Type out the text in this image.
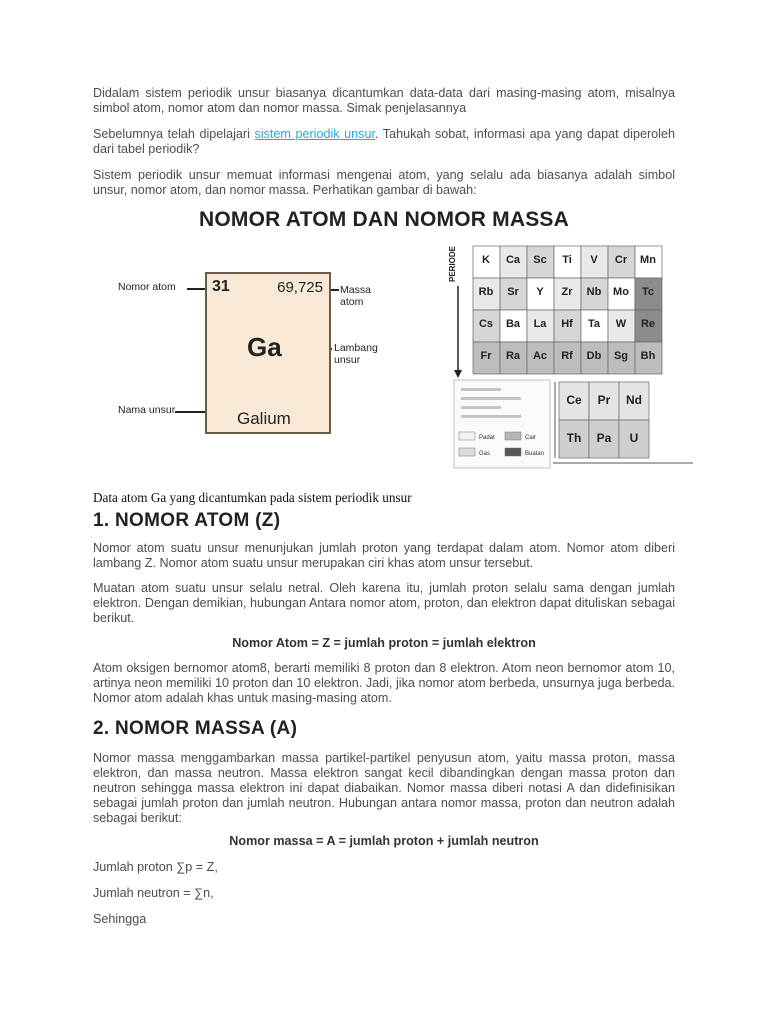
Didalam sistem periodik unsur biasanya dicantumkan data-data dari masing-masing atom, misalnya simbol atom, nomor atom dan nomor massa. Simak penjelasannya

Sebelumnya telah dipelajari sistem periodik unsur. Tahukah sobat, informasi apa yang dapat diperoleh dari tabel periodik?

Sistem periodik unsur memuat informasi mengenai atom, yang selalu ada biasanya adalah simbol unsur, nomor atom, dan nomor massa. Perhatikan gambar di bawah:

NOMOR ATOM DAN NOMOR MASSA
Nomor atom	Massa atom
Lambang unsur
Nama unsur
31	69,725
Ga
Galium
PERIODE K Ca Sc Ti V Cr Mn
Rb Sr Y Zr Nb Mo Tc
Cs Ba La Hf Ta W Re
Fr Ra Ac Rf Db Sg Bh
Padat	Cair
Gas	Buatan
Ce Pr Nd
Th Pa U

Data atom Ga yang dicantumkan pada sistem periodik unsur

1. NOMOR ATOM (Z)

Nomor atom suatu unsur menunjukan jumlah proton yang terdapat dalam atom. Nomor atom diberi lambang Z. Nomor atom suatu unsur merupakan ciri khas atom unsur tersebut.

Muatan atom suatu unsur selalu netral. Oleh karena itu, jumlah proton selalu sama dengan jumlah elektron. Dengan demikian, hubungan Antara nomor atom, proton, dan elektron dapat dituliskan sebagai berikut.

Nomor Atom = Z = jumlah proton = jumlah elektron

Atom oksigen bernomor atom8, berarti memiliki 8 proton dan 8 elektron. Atom neon bernomor atom 10, artinya neon memiliki 10 proton dan 10 elektron. Jadi, jika nomor atom berbeda, unsurnya juga berbeda. Nomor atom adalah khas untuk masing-masing atom.

2. NOMOR MASSA (A)

Nomor massa menggambarkan massa partikel-partikel penyusun atom, yaitu massa proton, massa elektron, dan massa neutron. Massa elektron sangat kecil dibandingkan dengan massa proton dan neutron sehingga massa elektron ini dapat diabaikan. Nomor massa diberi notasi A dan didefinisikan sebagai jumlah proton dan jumlah neutron. Hubungan antara nomor massa, proton dan neutron adalah sebagai berikut:

Nomor massa = A = jumlah proton + jumlah neutron

Jumlah proton ∑p = Z,

Jumlah neutron = ∑n,

Sehingga
